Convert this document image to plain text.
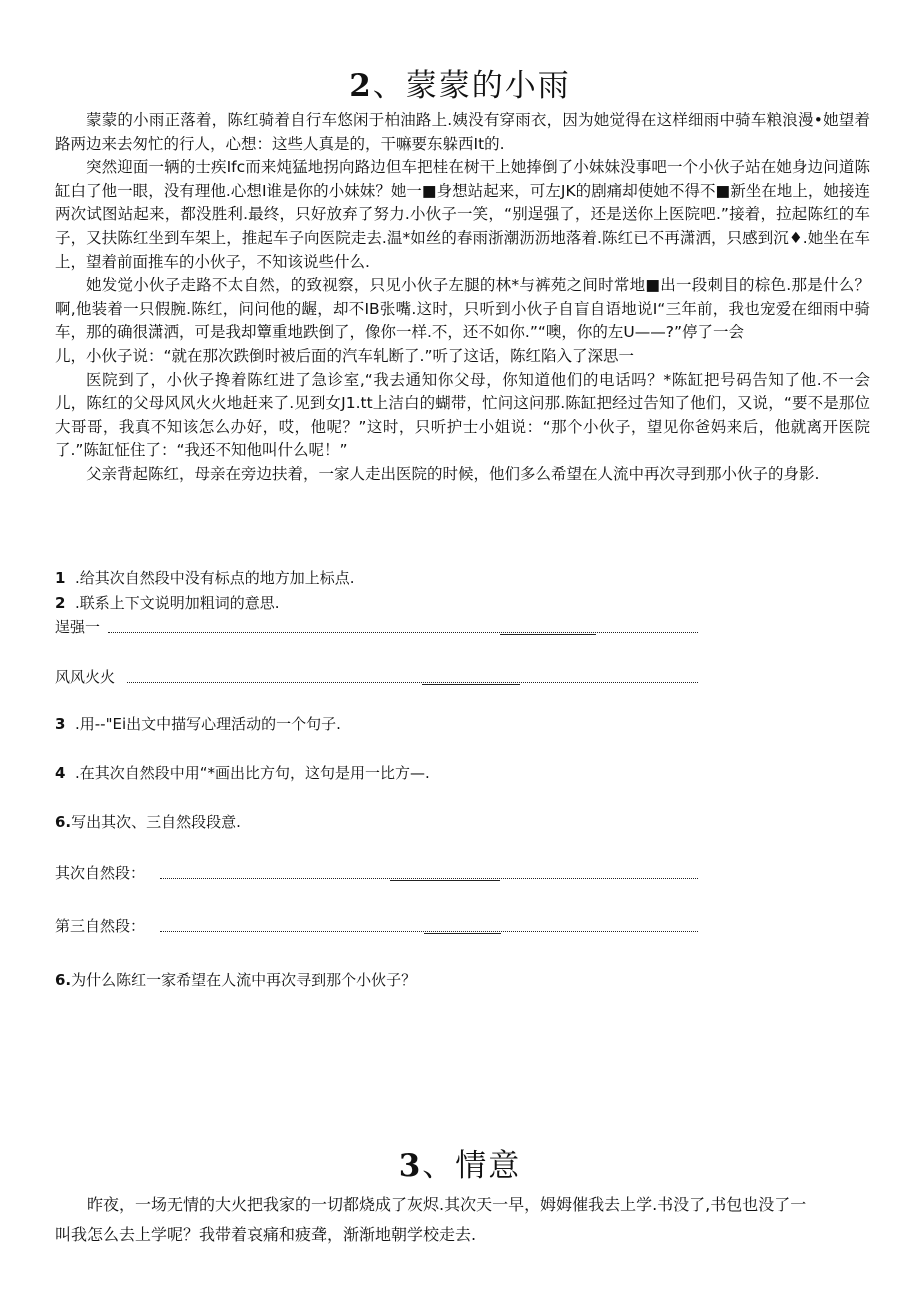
2、蒙蒙的小雨

蒙蒙的小雨正落着，陈红骑着自行车悠闲于柏油路上.姨没有穿雨衣，因为她觉得在这样细雨中骑车粮浪漫•她望着路两边来去匆忙的行人，心想：这些人真是的，干嘛要东躲西It的.

突然迎面一辆的士疾Ifc而来炖猛地拐向路边但车把桂在树干上她捧倒了小妹妹没事吧一个小伙子站在她身边问道陈缸白了他一眼，没有理他.心想I谁是你的小妹妹？她一■身想站起来，可左JK的剧痛却使她不得不■新坐在地上，她接连两次试图站起来，都没胜利.最终，只好放弃了努力.小伙子一笑，“别逞强了，还是送你上医院吧.”接着，拉起陈红的车子，又扶陈红坐到车架上，推起车子向医院走去.温*如丝的春雨浙潮沥沥地落着.陈红已不再潇洒，只感到沉♦.她坐在车上，望着前面推车的小伙子，不知该说些什么.

她发觉小伙子走路不太自然，的致视察，只见小伙子左腿的林*与裤苑之间时常地■出一段刺目的棕色.那是什么？啊,他装着一只假腕.陈红，问问他的龌，却不IB张嘴.这时，只听到小伙子自盲自语地说I“三年前，我也宠爱在细雨中骑车，那的确很潇洒，可是我却簟重地跌倒了，像你一样.不，还不如你.”“噢，你的左U——?”停了一会

儿，小伙子说：“就在那次跌倒时被后面的汽车轧断了.”听了这话，陈红陷入了深思一

医院到了，小伙子搀着陈红进了急诊室,“我去通知你父母，你知道他们的电话吗？*陈缸把号码告知了他.不一会儿，陈红的父母风风火火地赶来了.见到女J1.tt上洁白的蝴带，忙问这问那.陈缸把经过告知了他们，又说，“要不是那位大哥哥，我真不知该怎么办好，哎，他呢？”这时，只听护士小姐说：“那个小伙子，望见你爸妈来后，他就离开医院了.”陈缸怔住了：“我还不知他叫什么呢！”

父亲背起陈红，母亲在旁边扶着，一家人走出医院的时候，他们多么希望在人流中再次寻到那小伙子的身影.

1 .给其次自然段中没有标点的地方加上标点.
2 .联系上下文说明加粗词的意思.
逞强一
风风火火
3 .用--"Ei出文中描写心理活动的一个句子.
4 .在其次自然段中用“*画出比方句，这句是用一比方—.
6.写出其次、三自然段段意.
其次自然段：
第三自然段：
6.为什么陈红一家希望在人流中再次寻到那个小伙子？
3、情意

昨夜，一场无情的大火把我家的一切都烧成了灰烬.其次天一早，姆姆催我去上学.书没了,书包也没了一

叫我怎么去上学呢？我带着哀痛和疲聋，渐渐地朝学校走去.
